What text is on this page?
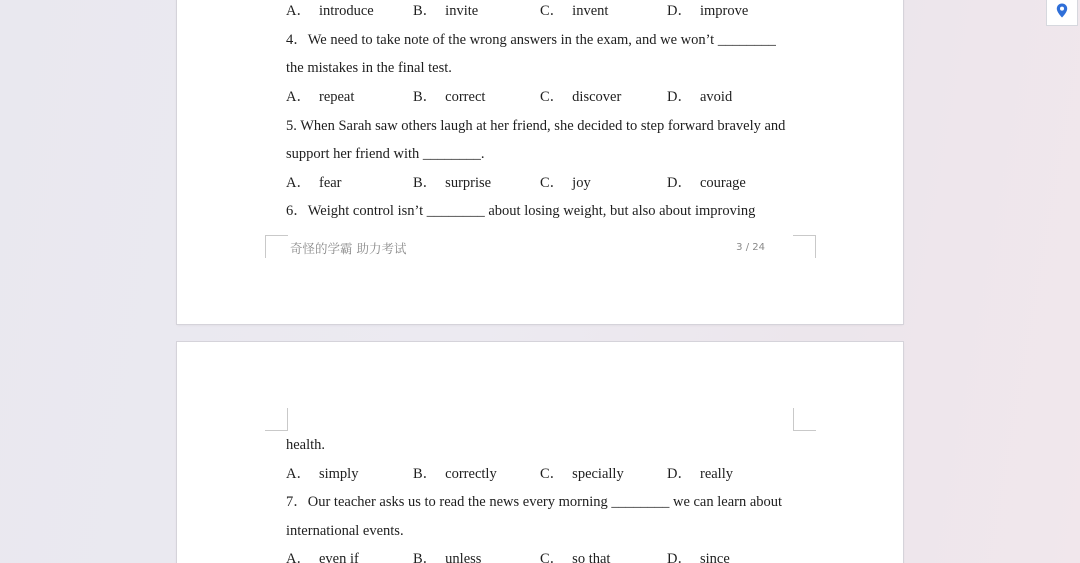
A． introduce	B． invite	C． invent	D． improve
4．We need to take note of the wrong answers in the exam, and we won’t ________
the mistakes in the final test.
A． repeat	B． correct	C． discover	D． avoid
5. When Sarah saw others laugh at her friend, she decided to step forward bravely and
support her friend with ________.
A． fear	B． surprise	C． joy	D． courage
6．Weight control isn’t ________ about losing weight, but also about improving
奇怪的学霸 助力考试	3 / 24
health.
A． simply	B． correctly	C． specially	D． really
7．Our teacher asks us to read the news every morning ________ we can learn about
international events.
A． even if	B． unless	C． so that	D． since
